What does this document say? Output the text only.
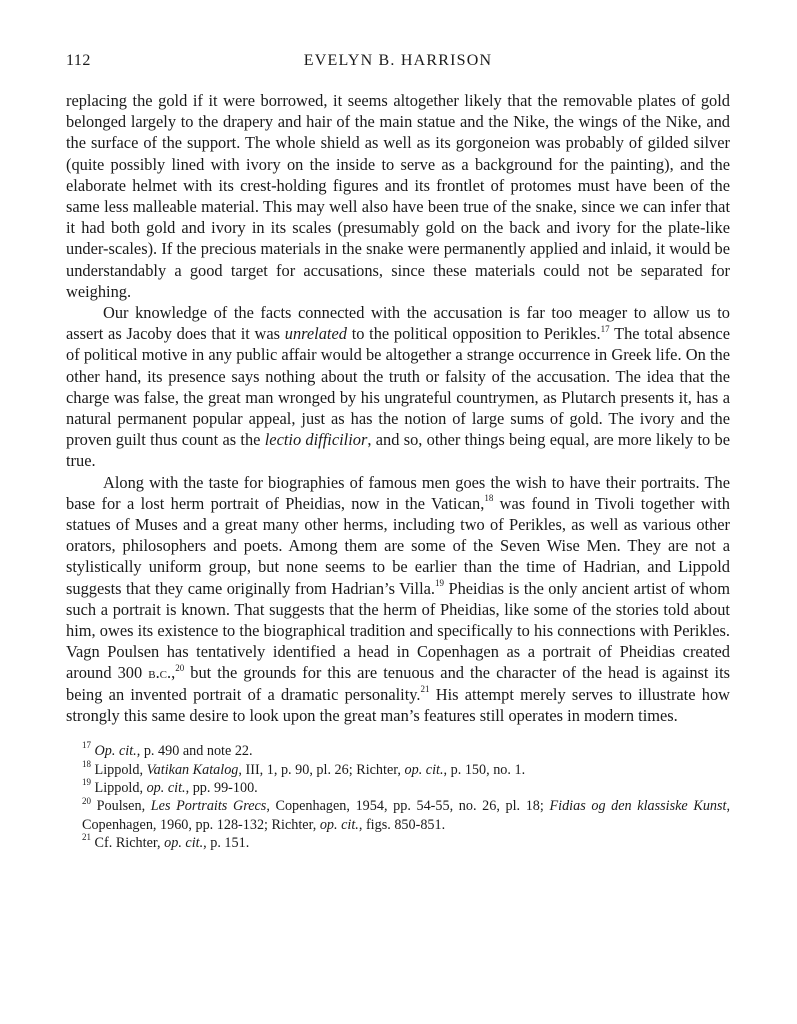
112	EVELYN B. HARRISON

replacing the gold if it were borrowed, it seems altogether likely that the removable plates of gold belonged largely to the drapery and hair of the main statue and the Nike, the wings of the Nike, and the surface of the support. The whole shield as well as its gorgoneion was probably of gilded silver (quite possibly lined with ivory on the inside to serve as a background for the painting), and the elaborate helmet with its crest-holding figures and its frontlet of protomes must have been of the same less malleable material. This may well also have been true of the snake, since we can infer that it had both gold and ivory in its scales (presumably gold on the back and ivory for the plate-like under-scales). If the precious materials in the snake were permanently applied and inlaid, it would be understandably a good target for accusations, since these materials could not be separated for weighing.

Our knowledge of the facts connected with the accusation is far too meager to allow us to assert as Jacoby does that it was unrelated to the political opposition to Perikles.$^{17}$ The total absence of political motive in any public affair would be altogether a strange occurrence in Greek life. On the other hand, its presence says nothing about the truth or falsity of the accusation. The idea that the charge was false, the great man wronged by his ungrateful countrymen, as Plutarch presents it, has a natural permanent popular appeal, just as has the notion of large sums of gold. The ivory and the proven guilt thus count as the lectio difficilior, and so, other things being equal, are more likely to be true.

Along with the taste for biographies of famous men goes the wish to have their portraits. The base for a lost herm portrait of Pheidias, now in the Vatican,$^{18}$ was found in Tivoli together with statues of Muses and a great many other herms, including two of Perikles, as well as various other orators, philosophers and poets. Among them are some of the Seven Wise Men. They are not a stylistically uniform group, but none seems to be earlier than the time of Hadrian, and Lippold suggests that they came originally from Hadrian’s Villa.$^{19}$ Pheidias is the only ancient artist of whom such a portrait is known. That suggests that the herm of Pheidias, like some of the stories told about him, owes its existence to the biographical tradition and specifically to his connections with Perikles. Vagn Poulsen has tentatively identified a head in Copenhagen as a portrait of Pheidias created around 300 b.c.,$^{20}$ but the grounds for this are tenuous and the character of the head is against its being an invented portrait of a dramatic personality.$^{21}$ His attempt merely serves to illustrate how strongly this same desire to look upon the great man’s features still operates in modern times.

$^{17}$ Op. cit., p. 490 and note 22.

$^{18}$ Lippold, Vatikan Katalog, III, 1, p. 90, pl. 26; Richter, op. cit., p. 150, no. 1.

$^{19}$ Lippold, op. cit., pp. 99-100.

$^{20}$ Poulsen, Les Portraits Grecs, Copenhagen, 1954, pp. 54-55, no. 26, pl. 18; Fidias og den klassiske Kunst, Copenhagen, 1960, pp. 128-132; Richter, op. cit., figs. 850-851.

$^{21}$ Cf. Richter, op. cit., p. 151.
